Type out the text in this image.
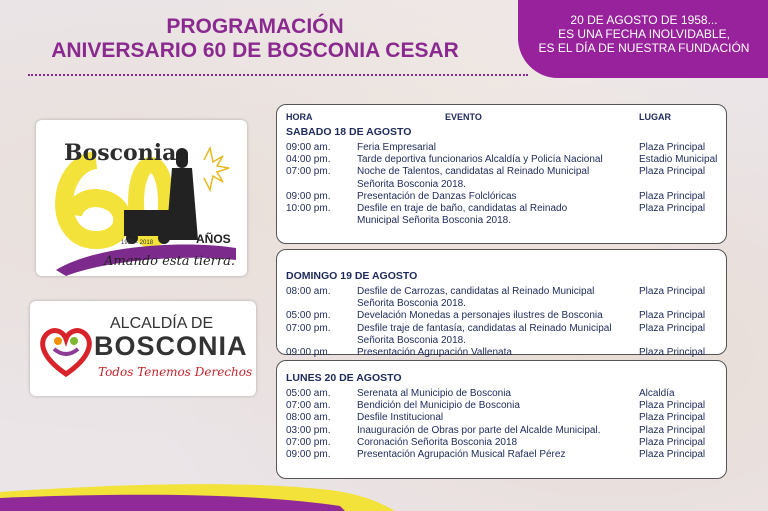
PROGRAMACIÓN
ANIVERSARIO 60 DE BOSCONIA CESAR
20 DE AGOSTO DE 1958...
ES UNA FECHA INOLVIDABLE,
ES EL DÍA DE NUESTRA FUNDACIÓN
Bosconia
1958 - 2018	AÑOS
Amando esta tierra.
ALCALDÍA DE
BOSCONIA
Todos Tenemos Derechos
HORA	EVENTO	LUGAR
SABADO 18 DE AGOSTO
09:00 am.	Feria Empresarial	Plaza Principal
04:00 pm.	Tarde deportiva funcionarios Alcaldía y Policía Nacional	Estadio Municipal
07:00 pm.	Noche de Talentos, candidatas al Reinado Municipal
Señorita Bosconia 2018.
Plaza Principal
09:00 pm.	Presentación de Danzas Folclóricas	Plaza Principal
10:00 pm.	Desfile en traje de baño, candidatas al Reinado
Municipal Señorita Bosconia 2018.
Plaza Principal
DOMINGO 19 DE AGOSTO
08:00 am.	Desfile de Carrozas, candidatas al Reinado Municipal
Señorita Bosconia 2018.
Plaza Principal
05:00 pm.	Develación Monedas a personajes ilustres de Bosconia	Plaza Principal
07:00 pm.	Desfile traje de fantasía, candidatas al Reinado Municipal
Señorita Bosconia 2018.
Plaza Principal
09:00 pm.	Presentación Agrupación Vallenata	Plaza Principal
LUNES 20 DE AGOSTO
05:00 am.	Serenata al Municipio de Bosconia	Alcaldía
07:00 am.	Bendición del Municipio de Bosconia	Plaza Principal
08:00 am.	Desfile Institucional	Plaza Principal
03:00 pm.	Inauguración de Obras por parte del Alcalde Municipal.	Plaza Principal
07:00 pm.	Coronación Señorita Bosconia 2018	Plaza Principal
09:00 pm.	Presentación Agrupación Musical Rafael Pérez	Plaza Principal
